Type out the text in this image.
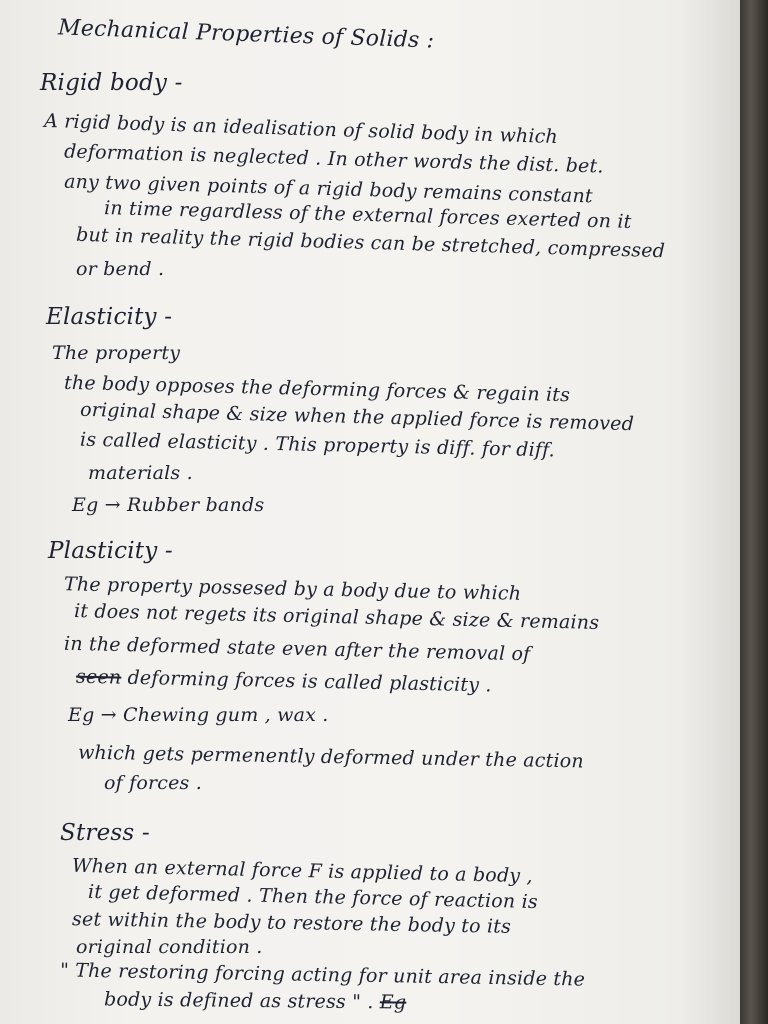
Mechanical Properties of Solids :
Rigid body -
A rigid body is an idealisation of solid body in which
deformation is neglected . In other words the dist. bet.
any two given points of a rigid body remains constant
in time regardless of the external forces exerted on it
but in reality the rigid bodies can be stretched, compressed
or bend .
Elasticity -
The property
the body opposes the deforming forces & regain its
original shape & size when the applied force is removed
is called elasticity . This property is diff. for diff.
materials .
Eg → Rubber bands
Plasticity -
The property possesed by a body due to which
it does not regets its original shape & size & remains
in the deformed state even after the removal of
seen deforming forces is called plasticity .
Eg → Chewing gum , wax .
which gets permenently deformed under the action
of forces .
Stress -
When an external force F is applied to a body ,
it get deformed . Then the force of reaction is
set within the body to restore the body to its
original condition .
" The restoring forcing acting for unit area inside the
body is defined as stress " . Eg
